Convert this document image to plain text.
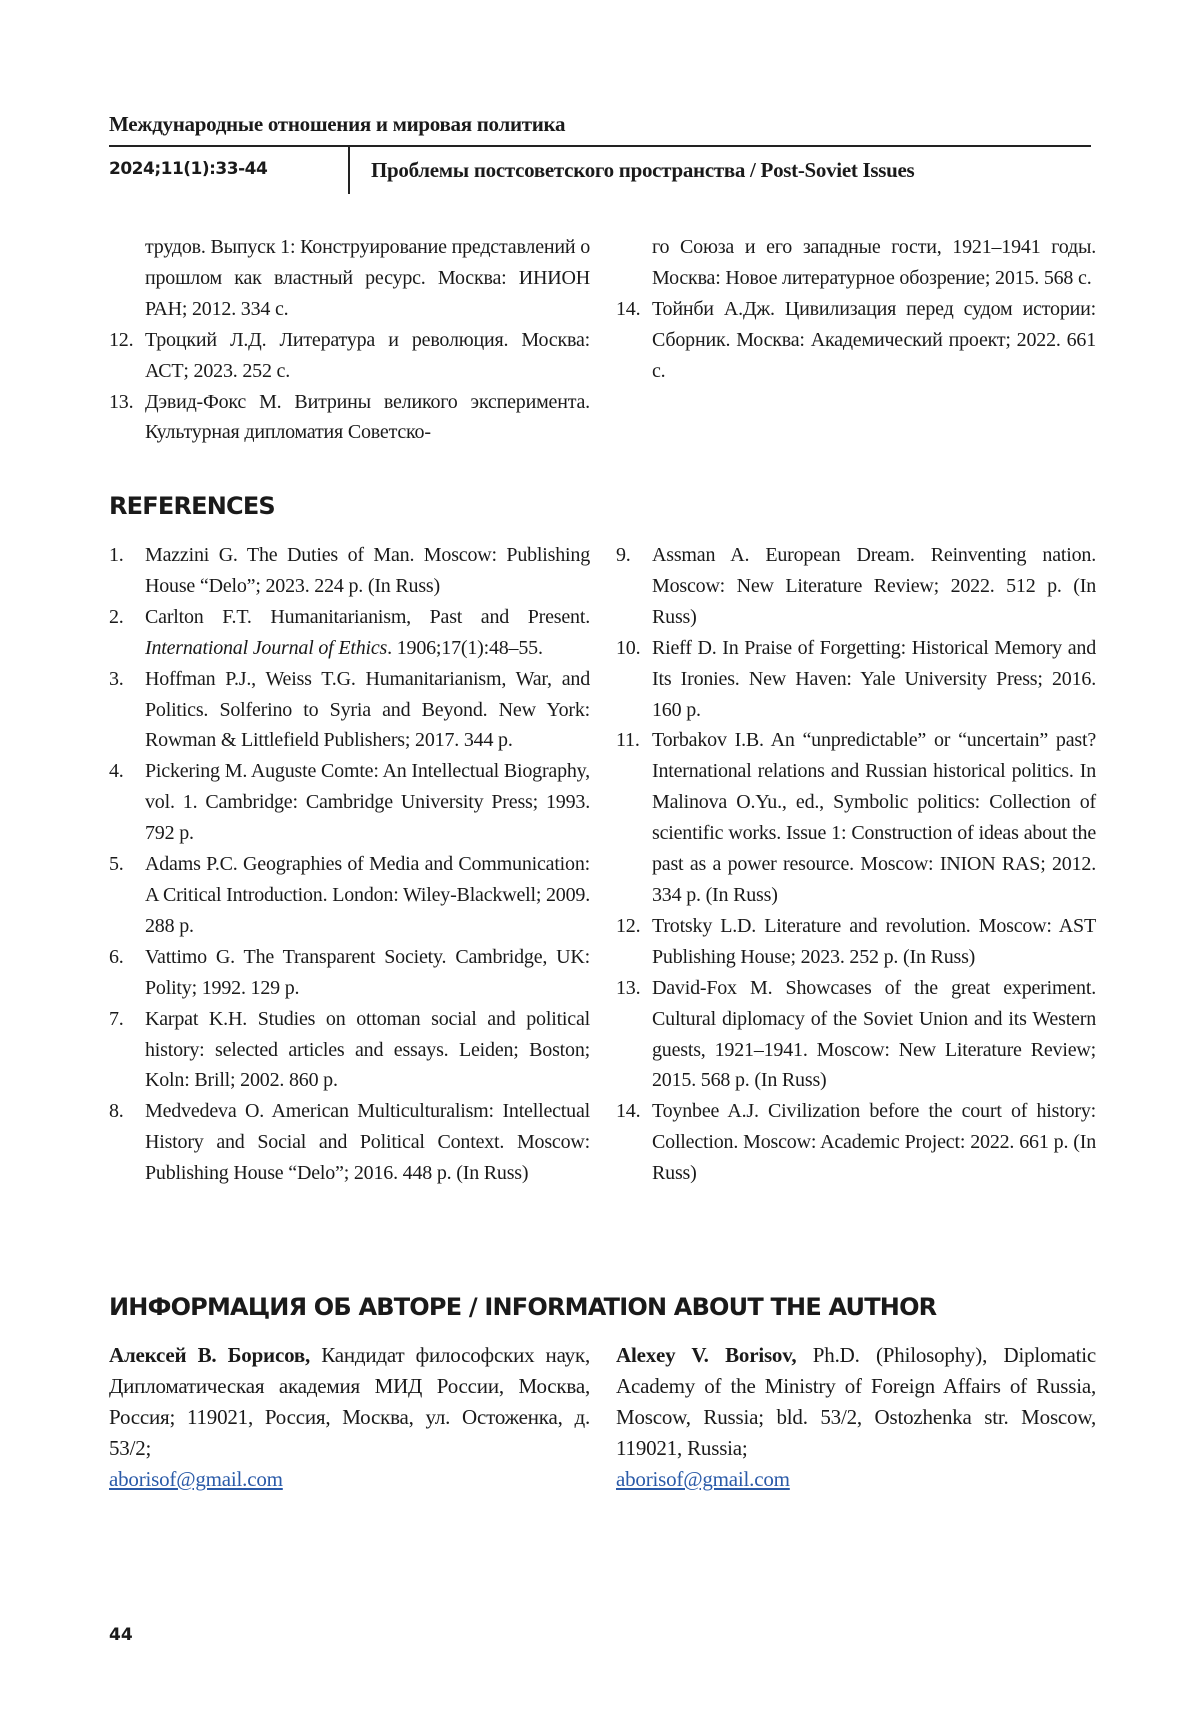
Международные отношения и мировая политика
2024;11(1):33-44	Проблемы постсоветского пространства / Post-Soviet Issues
трудов. Выпуск 1: Конструирование представлений о прошлом как властный ресурс. Москва: ИНИОН РАН; 2012. 334 с.
12. Троцкий Л.Д. Литература и революция. Москва: АСТ; 2023. 252 с.
13. Дэвид-Фокс М. Витрины великого эксперимента. Культурная дипломатия Советско-
го Союза и его западные гости, 1921–1941 годы. Москва: Новое литературное обозрение; 2015. 568 с.
14. Тойнби А.Дж. Цивилизация перед судом истории: Сборник. Москва: Академический проект; 2022. 661 с.
REFERENCES
1.	Mazzini G. The Duties of Man. Moscow: Publishing House “Delo”; 2023. 224 p. (In Russ)
2.	Carlton F.T. Humanitarianism, Past and Present. International Journal of Ethics. 1906;17(1):48–55.
3.	Hoffman P.J., Weiss T.G. Humanitarianism, War, and Politics. Solferino to Syria and Beyond. New York: Rowman & Littlefield Publishers; 2017. 344 p.
4.	Pickering M. Auguste Comte: An Intellectual Biography, vol. 1. Cambridge: Cambridge University Press; 1993. 792 p.
5.	Adams P.C. Geographies of Media and Communication: A Critical Introduction. London: Wiley-Blackwell; 2009. 288 p.
6.	Vattimo G. The Transparent Society. Cambridge, UK: Polity; 1992. 129 p.
7.	Karpat K.H. Studies on ottoman social and political history: selected articles and essays. Leiden; Boston; Koln: Brill; 2002. 860 p.
8.	Medvedeva O. American Multiculturalism: Intellectual History and Social and Political Context. Moscow: Publishing House “Delo”; 2016. 448 p. (In Russ)
9.	Assman A. European Dream. Reinventing nation. Moscow: New Literature Review; 2022. 512 p. (In Russ)
10. Rieff D. In Praise of Forgetting: Historical Memory and Its Ironies. New Haven: Yale University Press; 2016. 160 p.
11. Torbakov I.B. An “unpredictable” or “uncertain” past? International relations and Russian historical politics. In Malinova O.Yu., ed., Symbolic politics: Collection of scientific works. Issue 1: Construction of ideas about the past as a power resource. Moscow: INION RAS; 2012. 334 p. (In Russ)
12. Trotsky L.D. Literature and revolution. Moscow: AST Publishing House; 2023. 252 p. (In Russ)
13. David-Fox M. Showcases of the great experiment. Cultural diplomacy of the Soviet Union and its Western guests, 1921–1941. Moscow: New Literature Review; 2015. 568 p. (In Russ)
14. Toynbee A.J. Civilization before the court of history: Collection. Moscow: Academic Project: 2022. 661 p. (In Russ)
ИНФОРМАЦИЯ ОБ АВТОРЕ / INFORMATION ABOUT THE AUTHOR
Алексей В. Борисов, Кандидат философских наук, Дипломатическая академия МИД России, Москва, Россия; 119021, Россия, Москва, ул. Остоженка, д. 53/2;
aborisof@gmail.com
Alexey V. Borisov, Ph.D. (Philosophy), Diplomatic Academy of the Ministry of Foreign Affairs of Russia, Moscow, Russia; bld. 53/2, Ostozhenka str. Moscow, 119021, Russia;
aborisof@gmail.com
44
